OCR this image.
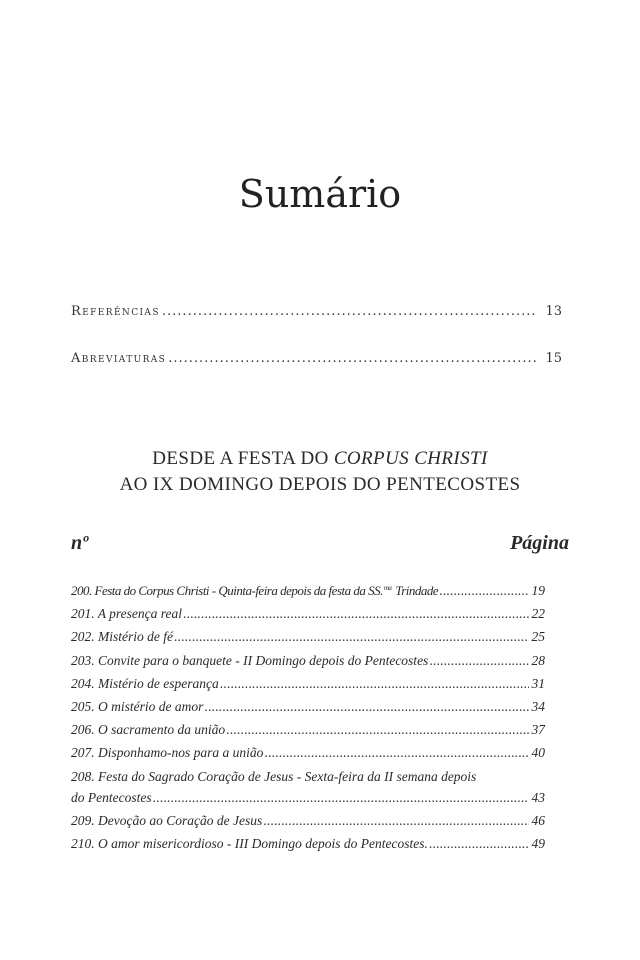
Sumário
Referências .....	13
Abreviaturas .....	15
DESDE A FESTA DO CORPUS CHRISTI
AO IX DOMINGO DEPOIS DO PENTECOSTES
nº	Página
200. Festa do Corpus Christi - Quinta-feira depois da festa da SS.$^{ma}$ Trindade .....	19
201. A presença real .....	22
202. Mistério de fé .....	25
203. Convite para o banquete - II Domingo depois do Pentecostes .....	28
204. Mistério de esperança .....	31
205. O mistério de amor .....	34
206. O sacramento da união .....	37
207. Disponhamo-nos para a união .....	40
208. Festa do Sagrado Coração de Jesus - Sexta-feira da II semana depois
do Pentecostes .....	43
209. Devoção ao Coração de Jesus .....	46
210. O amor misericordioso - III Domingo depois do Pentecostes. .....	49
